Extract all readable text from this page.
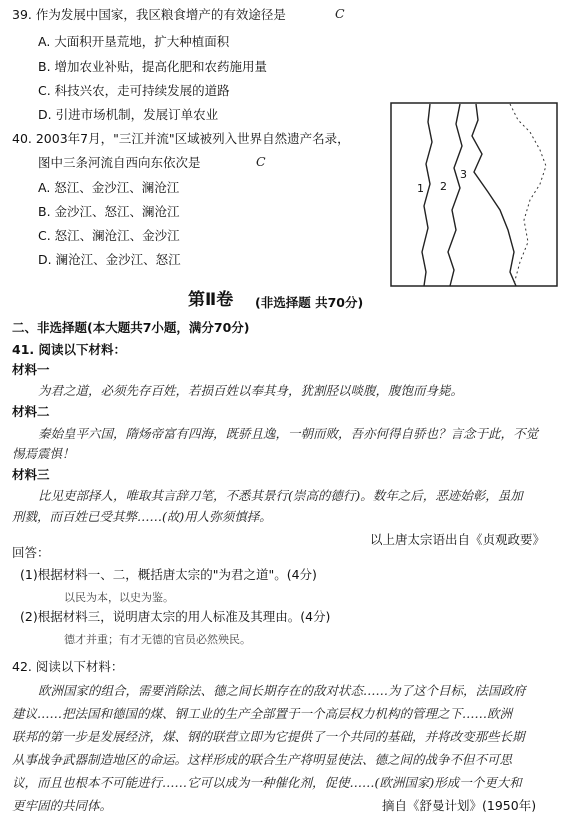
39. 作为发展中国家，我区粮食增产的有效途径是	C
A. 大面积开垦荒地，扩大种植面积
B. 增加农业补贴，提高化肥和农药施用量
C. 科技兴农，走可持续发展的道路
D. 引进市场机制，发展订单农业
40. 2003年7月，"三江并流"区域被列入世界自然遗产名录，
图中三条河流自西向东依次是	C
A. 怒江、金沙江、澜沧江
B. 金沙江、怒江、澜沧江
C. 怒江、澜沧江、金沙江
D. 澜沧江、金沙江、怒江
1 2
3
第Ⅱ卷 (非选择题 共70分)
二、非选择题(本大题共7小题，满分70分)
41. 阅读以下材料：
材料一
为君之道，必须先存百姓，若损百姓以奉其身，犹割胫以啖腹，腹饱而身毙。
材料二
秦始皇平六国，隋炀帝富有四海，既骄且逸，一朝而败，吾亦何得自骄也？言念于此，不觉
惕焉震惧！
材料三
比见吏部择人，唯取其言辞刀笔，不悉其景行(崇高的德行)。数年之后，恶迹始彰，虽加
刑戮，而百姓已受其弊……(故)用人弥须慎择。
以上唐太宗语出自《贞观政要》
回答：
(1)根据材料一、二，概括唐太宗的"为君之道"。(4分)
以民为本，以史为鉴。
(2)根据材料三，说明唐太宗的用人标准及其理由。(4分)
德才并重；有才无德的官员必然殃民。
42. 阅读以下材料：
欧洲国家的组合，需要消除法、德之间长期存在的敌对状态……为了这个目标，法国政府
建议……把法国和德国的煤、钢工业的生产全部置于一个高层权力机构的管理之下……欧洲
联邦的第一步是发展经济，煤、钢的联营立即为它提供了一个共同的基础，并将改变那些长期
从事战争武器制造地区的命运。这样形成的联合生产将明显使法、德之间的战争不但不可思
议，而且也根本不可能进行……它可以成为一种催化剂，促使……(欧洲国家)形成一个更大和
更牢固的共同体。	摘自《舒曼计划》(1950年)
